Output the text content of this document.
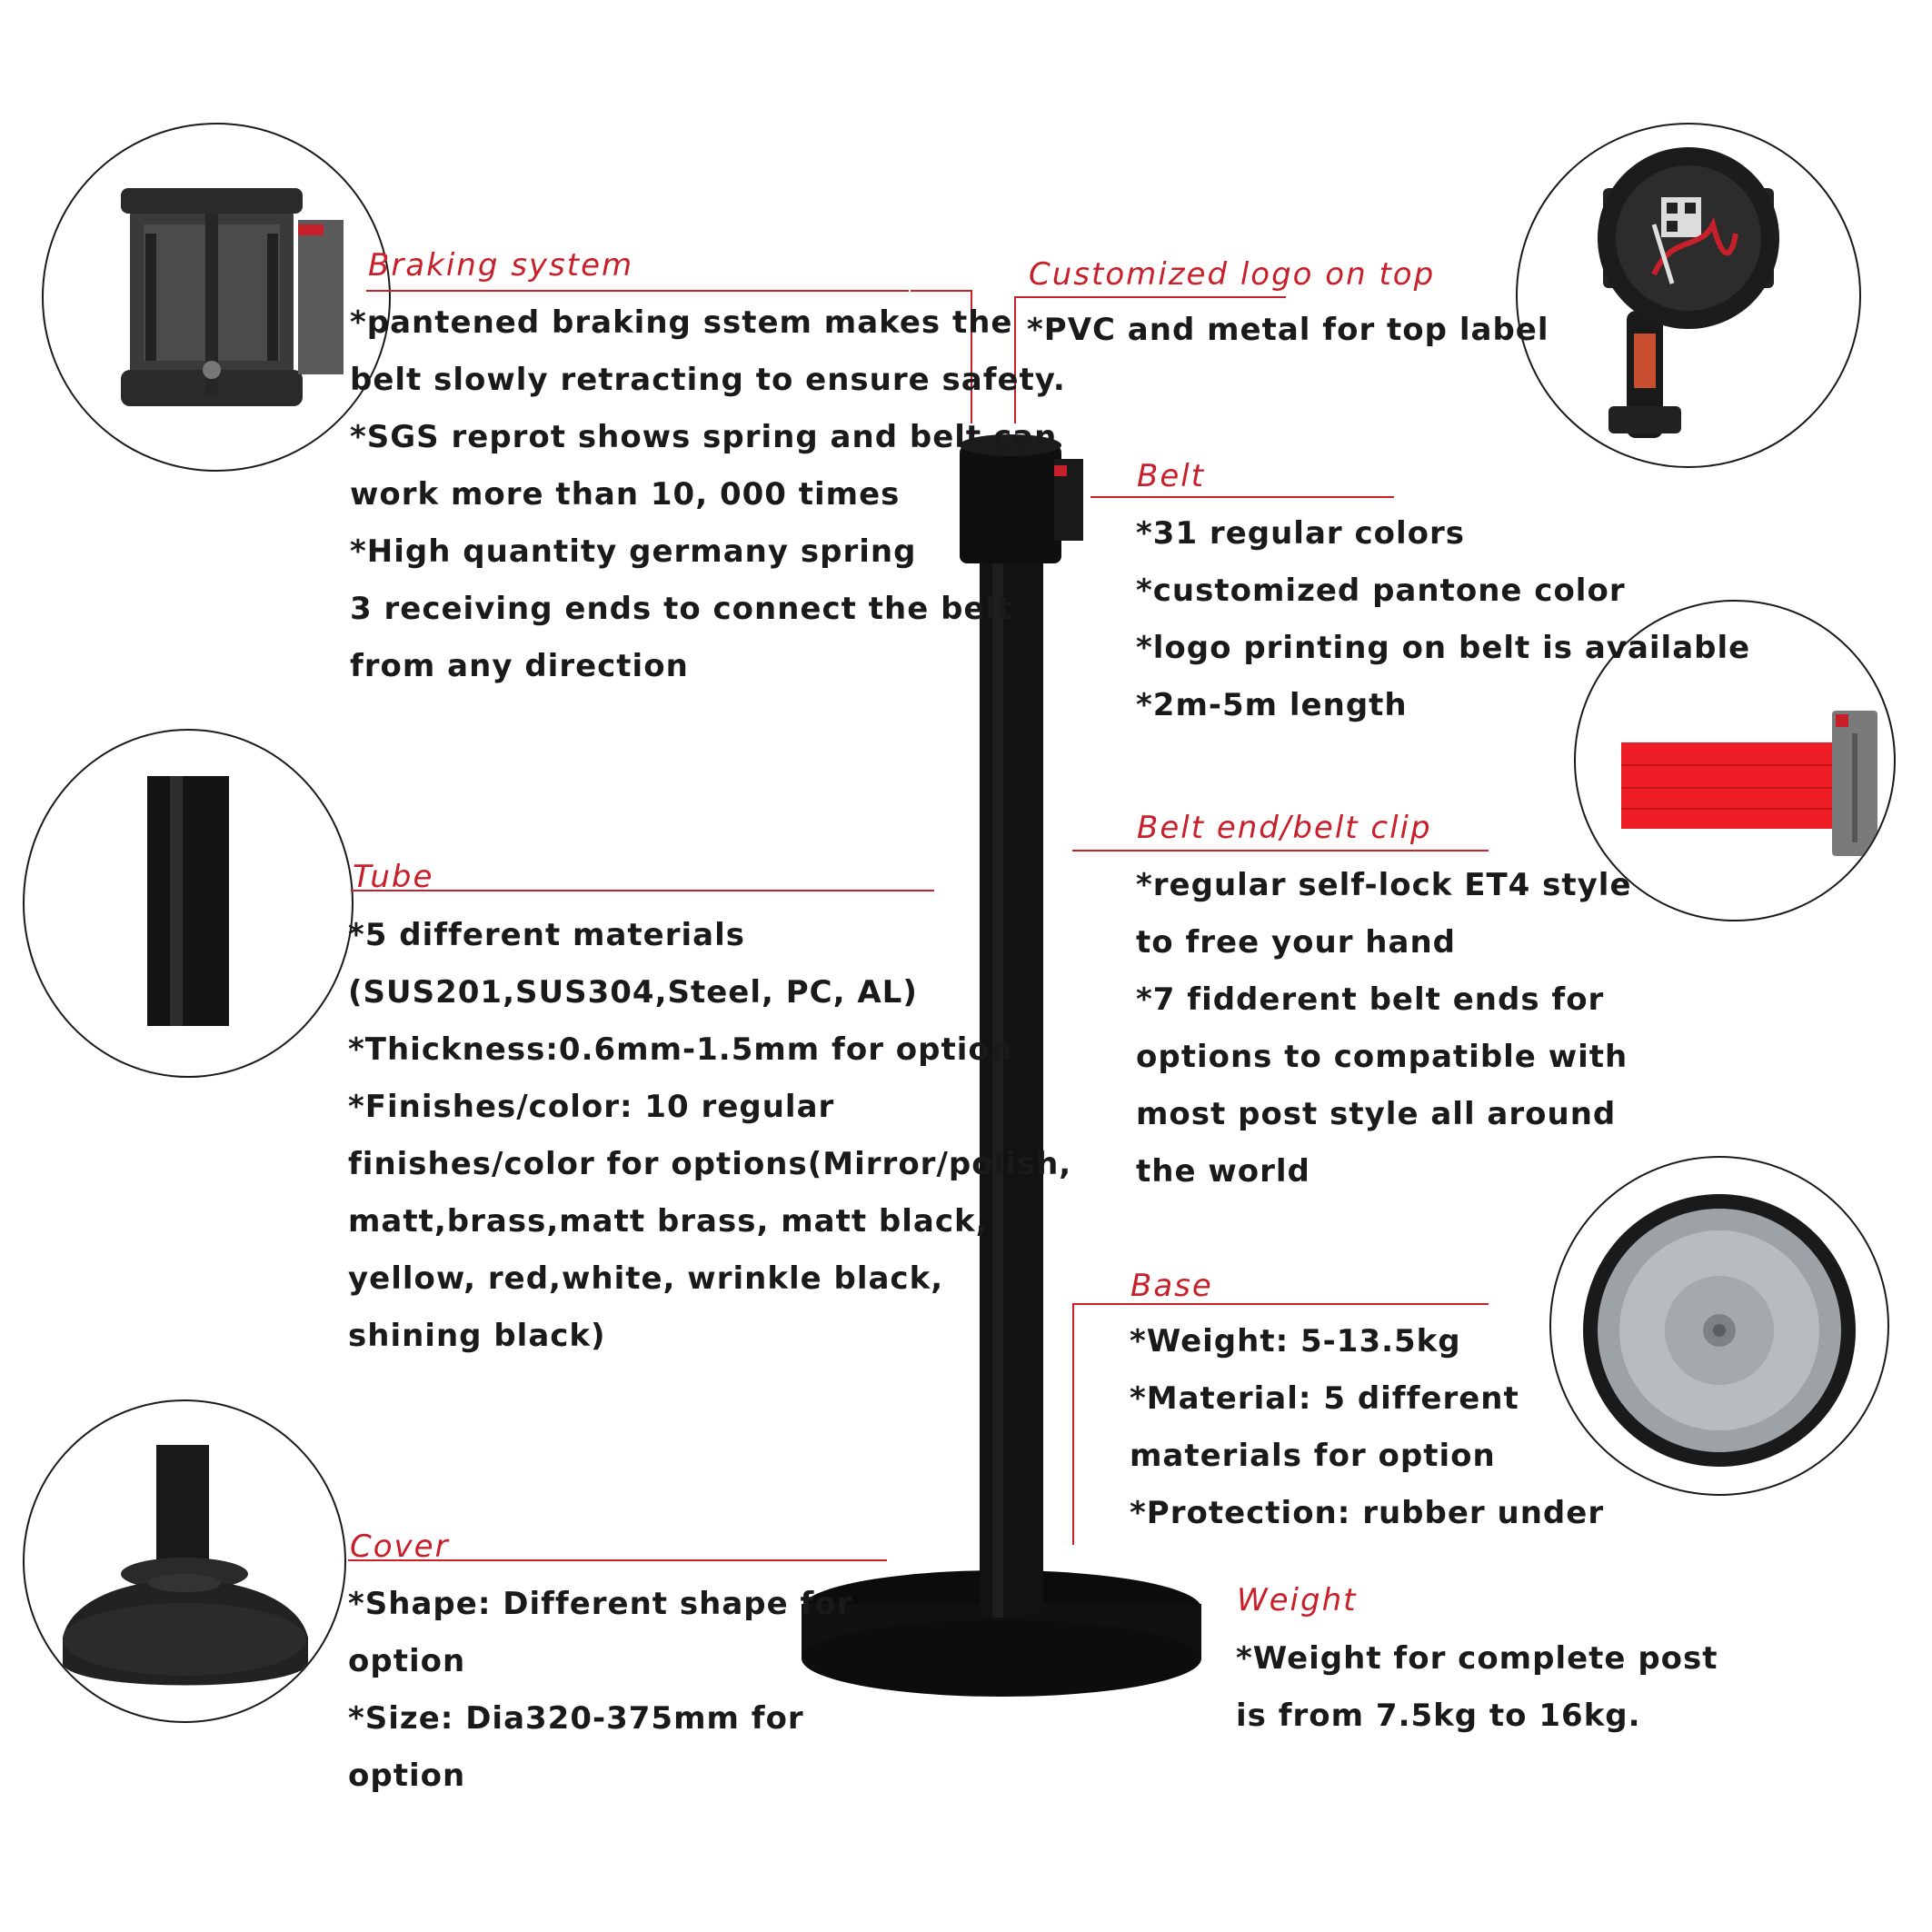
Braking system	Customized logo on top
Belt
Belt end/belt clip
Tube
Base
Cover
Weight
*pantened braking sstem makes the
belt slowly retracting to ensure safety.
*SGS reprot shows spring and belt can
work more than 10, 000 times
*High quantity germany spring
3 receiving ends to connect the belt
from any direction
*PVC and metal for top label
*31 regular colors
*customized pantone color
*logo printing on belt is available
*2m-5m length
*regular self-lock ET4 style
to free your hand
*7 fidderent belt ends for
options to compatible with
most post style all around
the world
*5 different materials
(SUS201,SUS304,Steel, PC, AL)
*Thickness:0.6mm-1.5mm for option
*Finishes/color: 10 regular
finishes/color for options(Mirror/polish,
matt,brass,matt brass, matt black,
yellow, red,white, wrinkle black,
shining black)	*Weight: 5-13.5kg
*Material: 5 different
materials for option
*Protection: rubber under
*Shape: Different shape for
option
*Size: Dia320-375mm for
option
*Weight for complete post
is from 7.5kg to 16kg.
